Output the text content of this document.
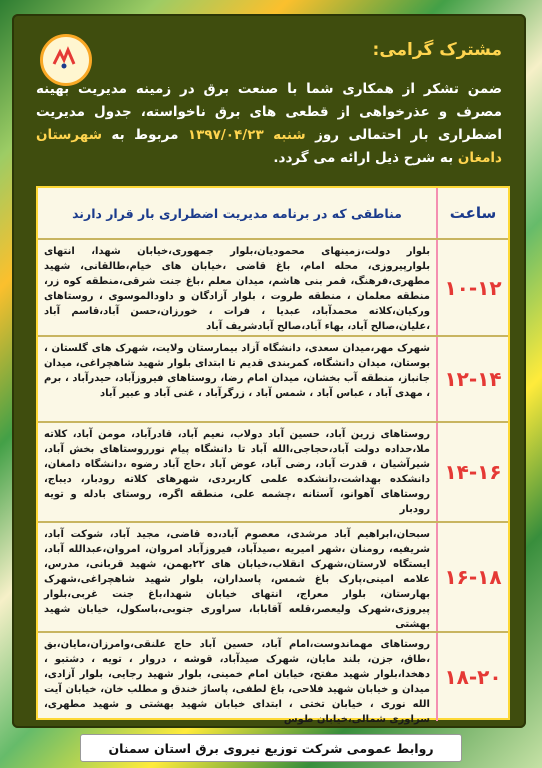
مشترک گرامی:
ضمن تشکر از همکاری شما با صنعت برق در زمینه مدیریت بهینه مصرف و عذرخواهی از قطعی های برق ناخواسته، جدول مدیریت اضطراری بار احتمالی روز شنبه ۱۳۹۷/۰۴/۲۳ مربوط به شهرستان دامغان به شرح ذیل ارائه می گردد.
ساعت
مناطقی که در برنامه مدیریت اضطراری بار قرار دارند
۱۰-۱۲
بلوار دولت،زمینهای محمودیان،بلوار جمهوری،خیابان شهدا، انتهای بلوارپیروزی، محله امام، باغ قاضی ،خیابان های خیام،طالقانی، شهید مطهری،فرهنگ، قمر بنی هاشم، میدان معلم ،باغ جنت شرقی،منطقه کوه زر، منطقه معلمان ، منطقه طروت ، بلوار آزادگان و داودالموسوی ، روستاهای ورکیان،کلاته محمدآباد، عبدیا ، فرات ، خورزان،حسن آباد،قاسم آباد ،علیان،صالح آباد، بهاء آباد،صالح آبادشریف آباد
۱۲-۱۴
شهرک مهر،میدان سعدی، دانشگاه آزاد بیمارستان ولایت، شهرک های گلستان ، بوستان، میدان دانشگاه، کمربندی قدیم تا ابتدای بلوار شهید شاهچراغی، میدان جانباز، منطقه آب بخشان، میدان امام رضا، روستاهای فیروزآباد، حیدرآباد ، برم ، مهدی آباد ، عباس آباد ، شمس آباد ، زرگرآباد ، غنی آباد و عبیر آباد
۱۴-۱۶
روستاهای زرین آباد، حسین آباد دولاب، نعیم آباد، قادرآباد، مومن آباد، کلاته ملا،حداده دولت آباد،حجاجی،الله آباد تا دانشگاه پیام نورروستاهای بخش آباد، شیرآشیان ، قدرت آباد، رضی آباد، عوض آباد ،حاج آباد رضوه ،دانشگاه دامغان، دانشکده بهداشت،دانشکده علمی کاربردی، شهرهای کلاته رودبار، دیباج، روستاهای آهوانو، آستانه ،چشمه علی، منطقه اگره، روستای بادله و تویه رودبار
۱۶-۱۸
سبحان،ابراهیم آباد مرشدی، معصوم آباد،ده قاضی، مجید آباد، شوکت آباد، شریفیه، رومنان ،شهر امیریه ،صیدآباد، فیروزآباد امروان، امروان،عبدالله آباد، ایستگاه لارستان،شهرک انقلاب،خیابان های ۲۲بهمن، شهید قربانی، مدرس، علامه امینی،پارک باغ شمس، پاسداران، بلوار شهید شاهچراغی،شهرک بهارستان، بلوار معراج، انتهای خیابان شهدا،باغ جنت غربی،بلوار پیروزی،شهرک ولیعصر،قلعه آقابابا، سراوری جنوبی،باسکول، خیابان شهید بهشتی
۱۸-۲۰
روستاهای مهماندوست،امام آباد، حسین آباد حاج علنقی،وامرزان،مایان،بق ،طاق، جزن، بلند مایان، شهرک صیدآباد، قوشه ، دروار ، تویه ، دشتبو ، دهخدا،بلوار شهید مفتح، خیابان امام خمینی، بلوار شهید رجایی، بلوار آزادی، میدان و خیابان شهید فلاحی، باغ لطفی، پاساژ خندق و مطلب خان، خیابان آیت الله نوری ، خیابان تختی ، ابتدای خیابان شهید بهشتی و شهید مطهری، سراوری شمالی،خیابان طوس
روابط عمومی شرکت توزیع نیروی برق استان سمنان
